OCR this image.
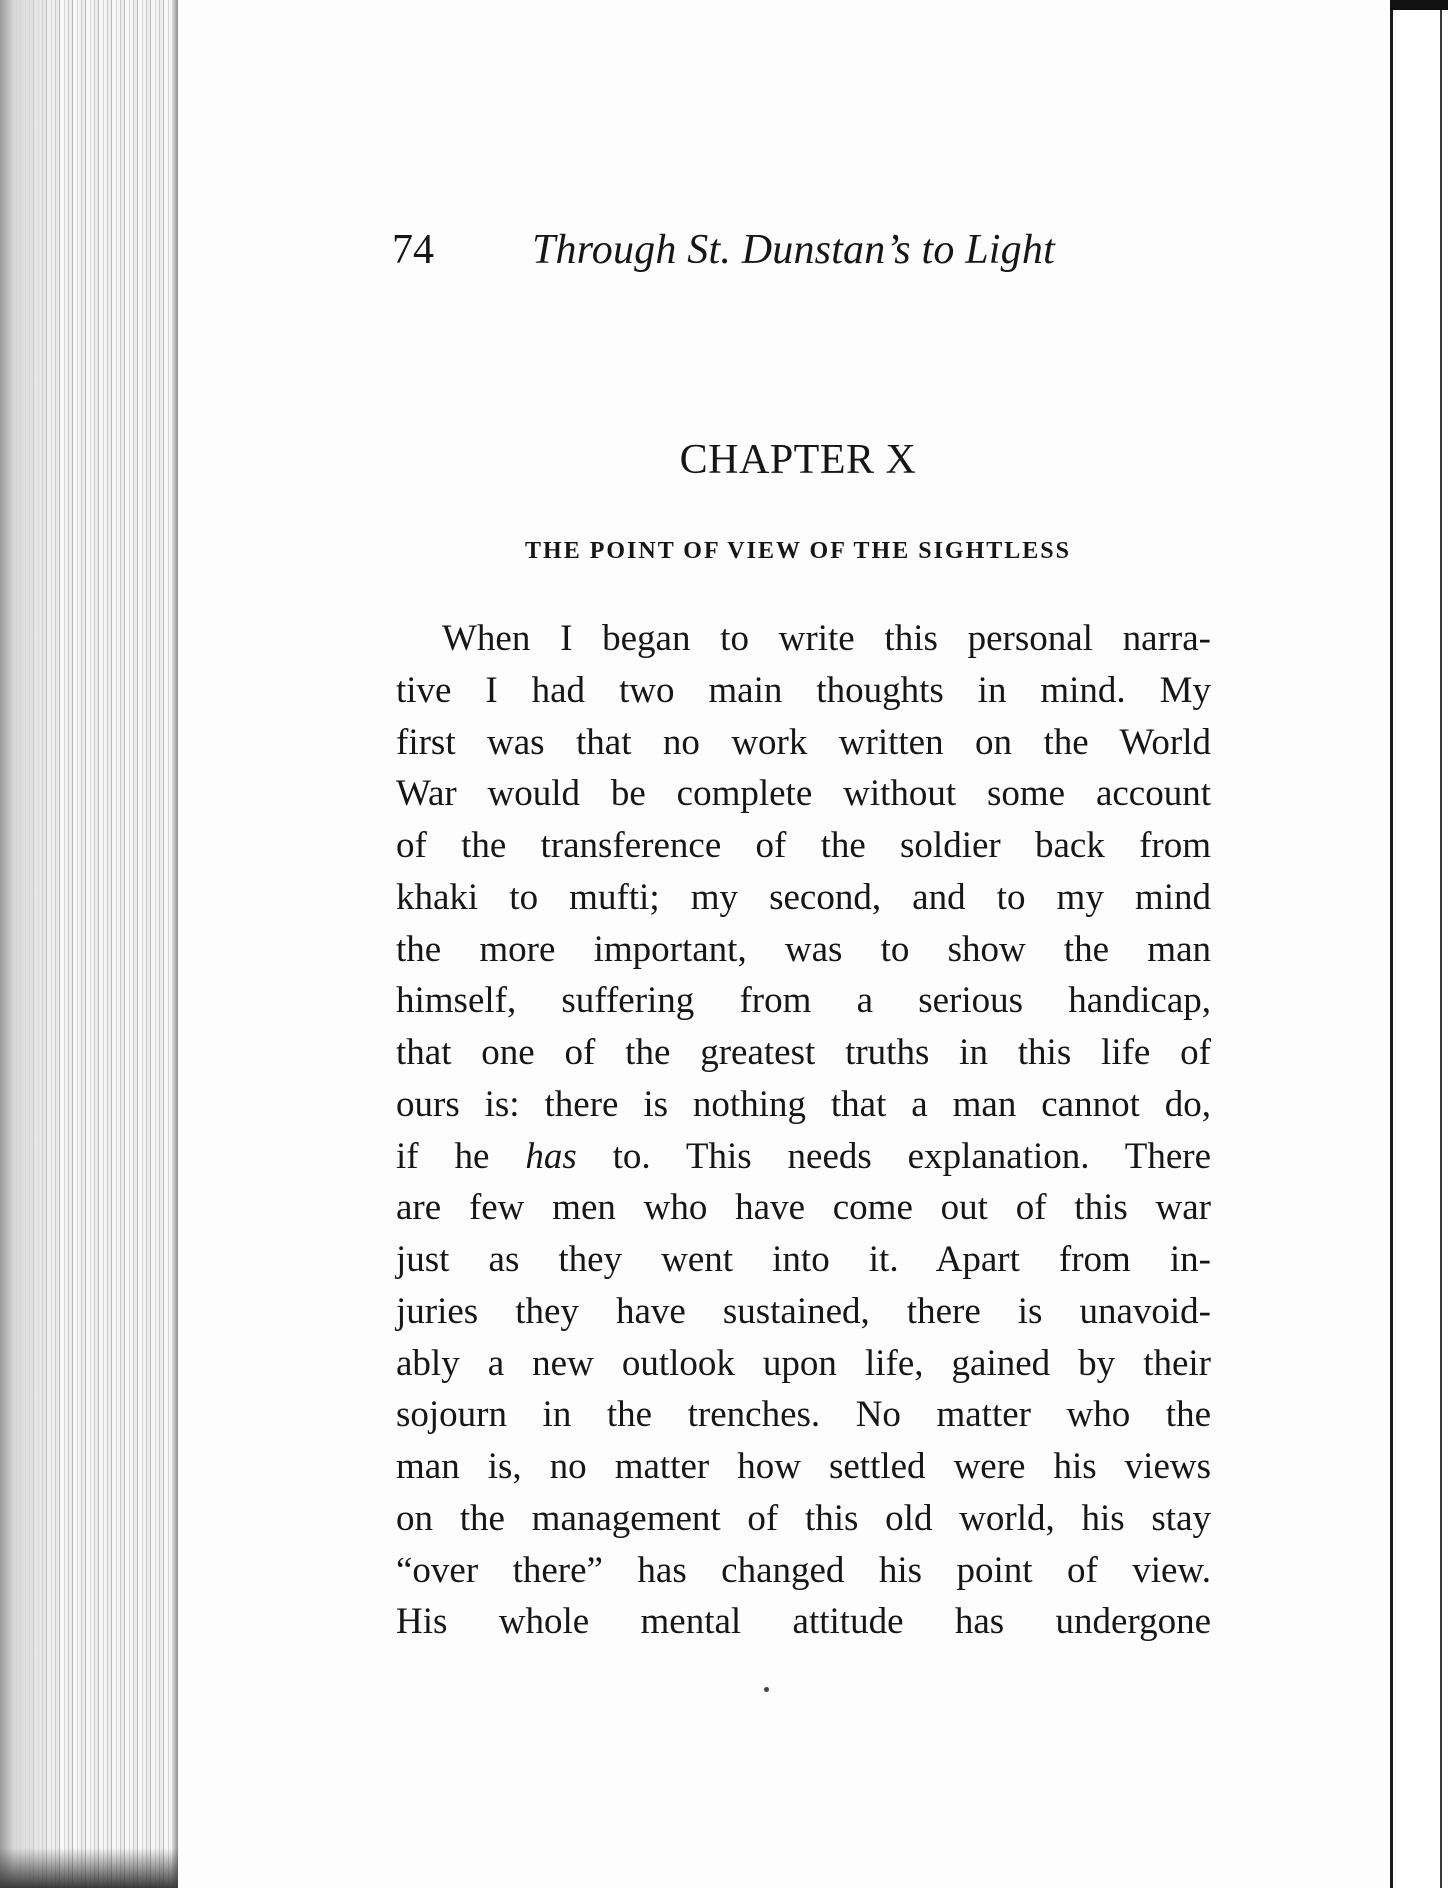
74 Through St. Dunstan’s to Light
CHAPTER X
THE POINT OF VIEW OF THE SIGHTLESS
When I began to write this personal narra-
tive I had two main thoughts in mind. My
first was that no work written on the World
War would be complete without some account
of the transference of the soldier back from
khaki to mufti; my second, and to my mind
the more important, was to show the man
himself, suffering from a serious handicap,
that one of the greatest truths in this life of
ours is: there is nothing that a man cannot do,
if he has to. This needs explanation. There
are few men who have come out of this war
just as they went into it. Apart from in-
juries they have sustained, there is unavoid-
ably a new outlook upon life, gained by their
sojourn in the trenches. No matter who the
man is, no matter how settled were his views
on the management of this old world, his stay
“over there” has changed his point of view.
His whole mental attitude has undergone
